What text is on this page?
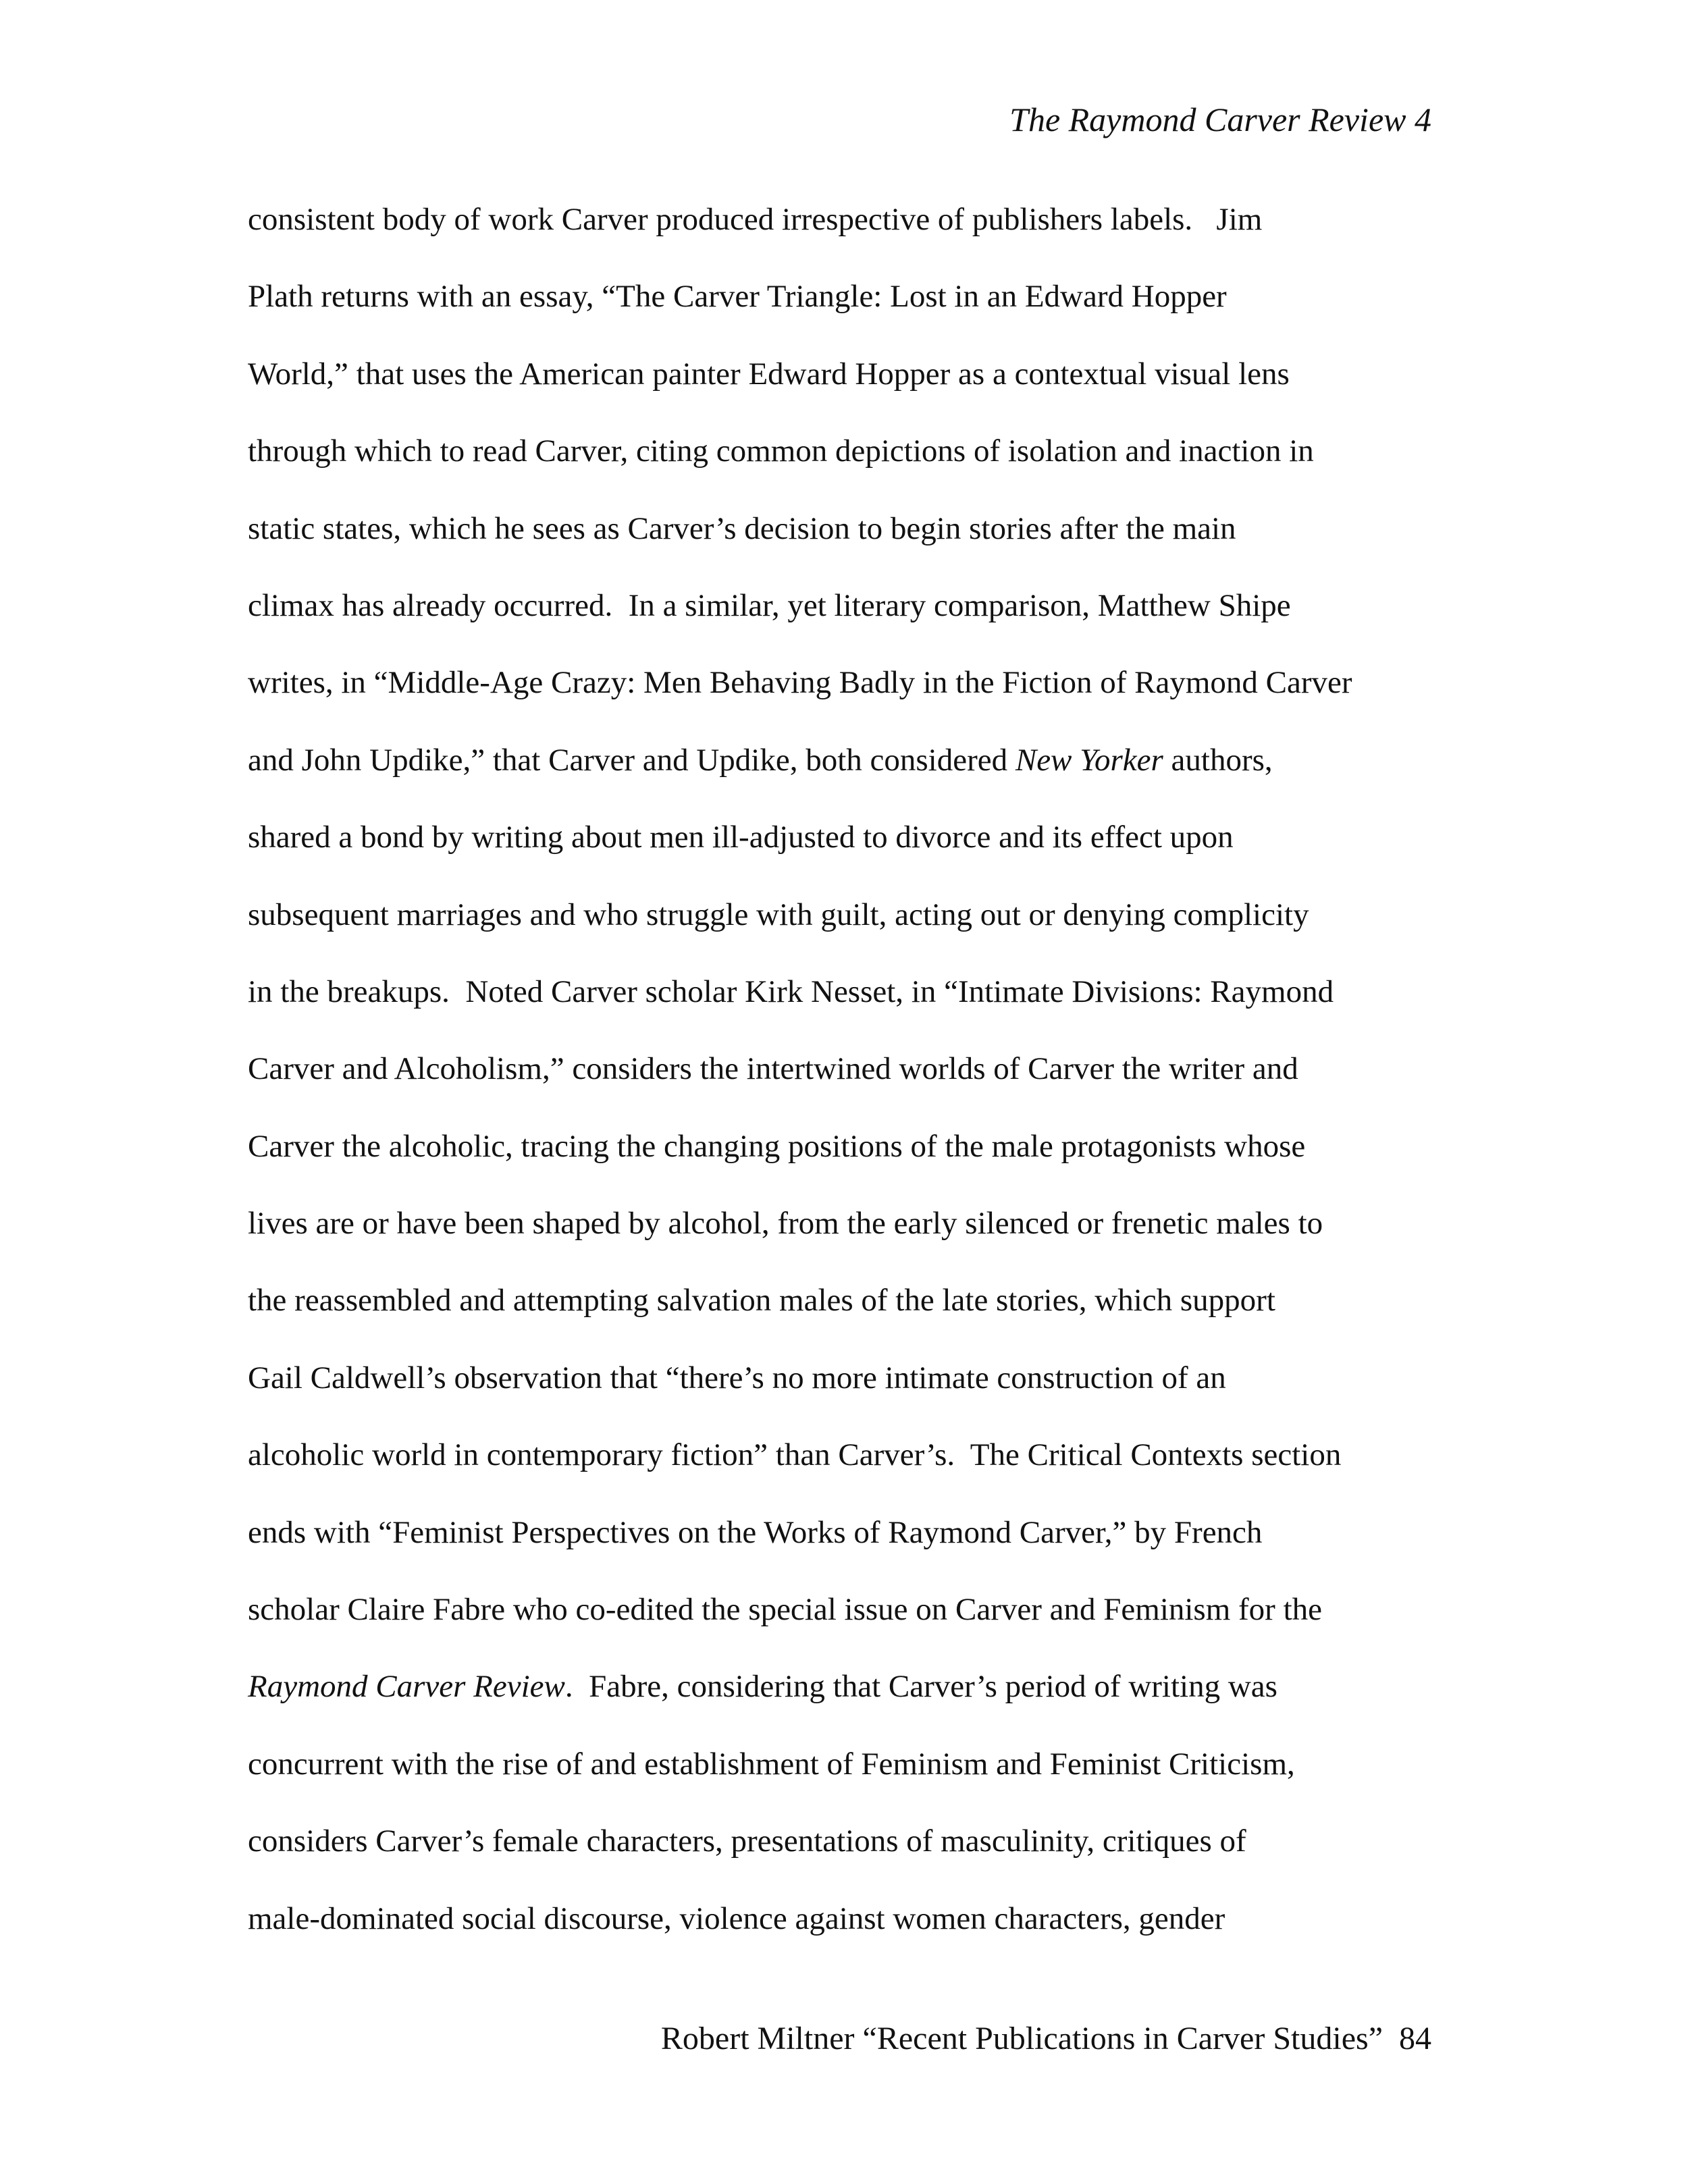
The Raymond Carver Review 4
consistent body of work Carver produced irrespective of publishers labels.   Jim
Plath returns with an essay, “The Carver Triangle: Lost in an Edward Hopper
World,” that uses the American painter Edward Hopper as a contextual visual lens
through which to read Carver, citing common depictions of isolation and inaction in
static states, which he sees as Carver’s decision to begin stories after the main
climax has already occurred.  In a similar, yet literary comparison, Matthew Shipe
writes, in “Middle-Age Crazy: Men Behaving Badly in the Fiction of Raymond Carver
and John Updike,” that Carver and Updike, both considered New Yorker authors,
shared a bond by writing about men ill-adjusted to divorce and its effect upon
subsequent marriages and who struggle with guilt, acting out or denying complicity
in the breakups.  Noted Carver scholar Kirk Nesset, in “Intimate Divisions: Raymond
Carver and Alcoholism,” considers the intertwined worlds of Carver the writer and
Carver the alcoholic, tracing the changing positions of the male protagonists whose
lives are or have been shaped by alcohol, from the early silenced or frenetic males to
the reassembled and attempting salvation males of the late stories, which support
Gail Caldwell’s observation that “there’s no more intimate construction of an
alcoholic world in contemporary fiction” than Carver’s.  The Critical Contexts section
ends with “Feminist Perspectives on the Works of Raymond Carver,” by French
scholar Claire Fabre who co-edited the special issue on Carver and Feminism for the
Raymond Carver Review.  Fabre, considering that Carver’s period of writing was
concurrent with the rise of and establishment of Feminism and Feminist Criticism,
considers Carver’s female characters, presentations of masculinity, critiques of
male-dominated social discourse, violence against women characters, gender
Robert Miltner “Recent Publications in Carver Studies”  84
